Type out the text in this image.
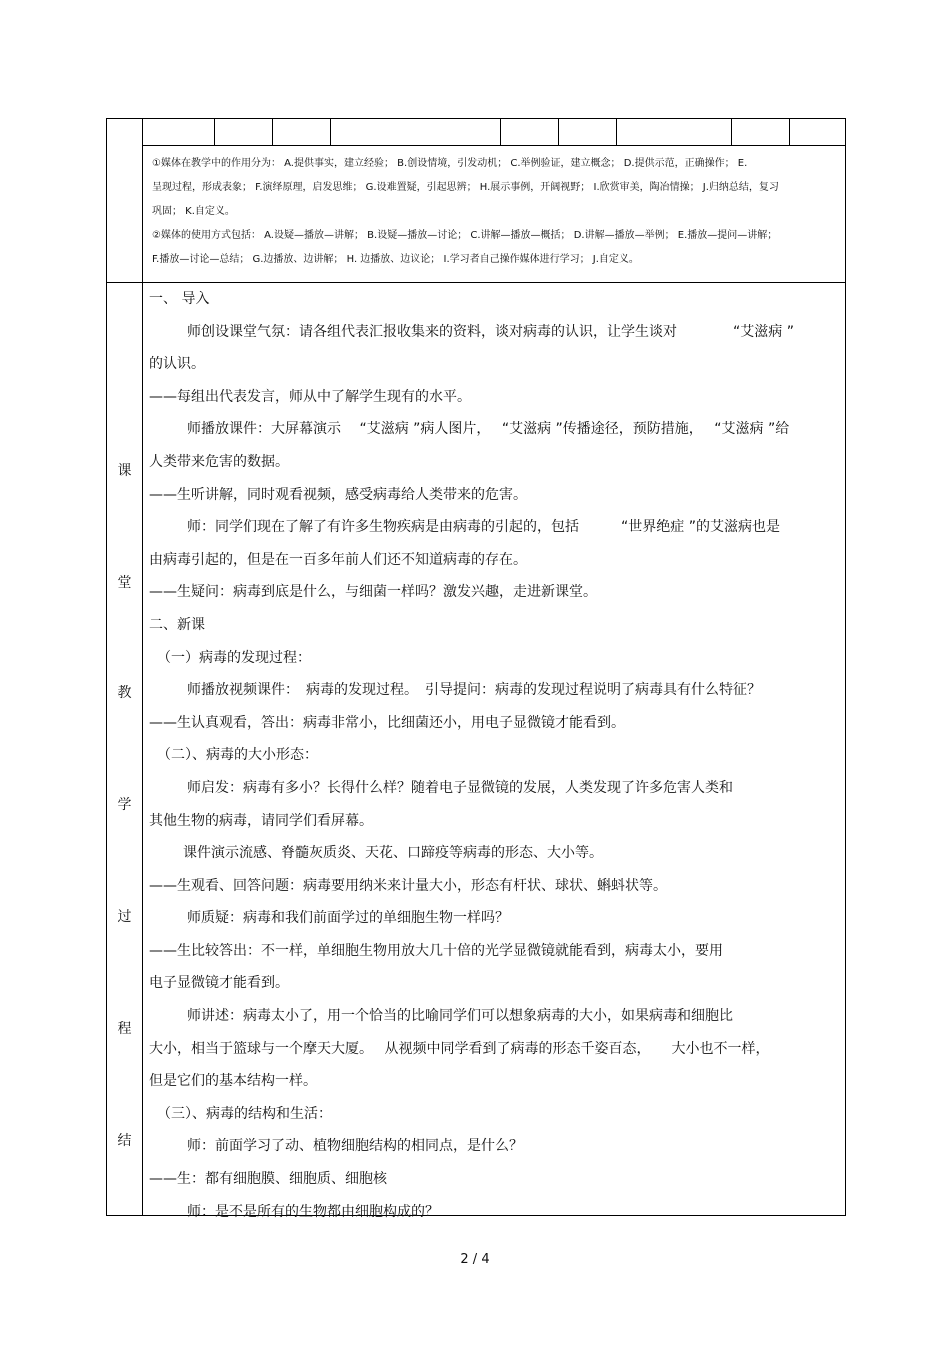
①媒体在教学中的作用分为： A.提供事实，建立经验； B.创设情境，引发动机； C.举例验证，建立概念； D.提供示范，正确操作； E.

呈现过程，形成表象； F.演绎原理，启发思维； G.设难置疑，引起思辨； H.展示事例，开阔视野； I.欣赏审美，陶冶情操； J.归纳总结，复习

巩固； K.自定义。

②媒体的使用方式包括： A.设疑—播放—讲解； B.设疑—播放—讨论； C.讲解—播放—概括； D.讲解—播放—举例； E.播放—提问—讲解；

F.播放—讨论—总结； G.边播放、边讲解； H. 边播放、边议论； I.学习者自己操作媒体进行学习； J.自定义。

课
堂
教
学
过
程
结

一、 导入

师创设课堂气氛：请各组代表汇报收集来的资料，谈对病毒的认识，让学生谈对　　　　“艾滋病 ”

的认识。

——每组出代表发言，师从中了解学生现有的水平。

师播放课件：大屏幕演示　 “艾滋病 ”病人图片，　 “艾滋病 ”传播途径，预防措施，　 “艾滋病 ”给

人类带来危害的数据。

——生听讲解，同时观看视频，感受病毒给人类带来的危害。

师：同学们现在了解了有许多生物疾病是由病毒的引起的，包括　　　“世界绝症 ”的艾滋病也是

由病毒引起的，但是在一百多年前人们还不知道病毒的存在。

——生疑问：病毒到底是什么，与细菌一样吗？激发兴趣，走进新课堂。

二、新课

（一）病毒的发现过程：

师播放视频课件：　病毒的发现过程。　引导提问：病毒的发现过程说明了病毒具有什么特征？

——生认真观看，答出：病毒非常小，比细菌还小，用电子显微镜才能看到。

（二）、病毒的大小形态：

师启发：病毒有多小？长得什么样？随着电子显微镜的发展，人类发现了许多危害人类和

其他生物的病毒，请同学们看屏幕。

课件演示流感、脊髓灰质炎、天花、口蹄疫等病毒的形态、大小等。

——生观看、回答问题：病毒要用纳米来计量大小，形态有杆状、球状、蝌蚪状等。

师质疑：病毒和我们前面学过的单细胞生物一样吗？

——生比较答出：不一样，单细胞生物用放大几十倍的光学显微镜就能看到，病毒太小，要用

电子显微镜才能看到。

师讲述：病毒太小了，用一个恰当的比喻同学们可以想象病毒的大小，如果病毒和细胞比

大小，相当于篮球与一个摩天大厦。　 从视频中同学看到了病毒的形态千姿百态，　　大小也不一样，

但是它们的基本结构一样。

（三）、病毒的结构和生活：

师：前面学习了动、植物细胞结构的相同点，是什么？

——生：都有细胞膜、细胞质、细胞核

师：是不是所有的生物都由细胞构成的？

2 / 4
